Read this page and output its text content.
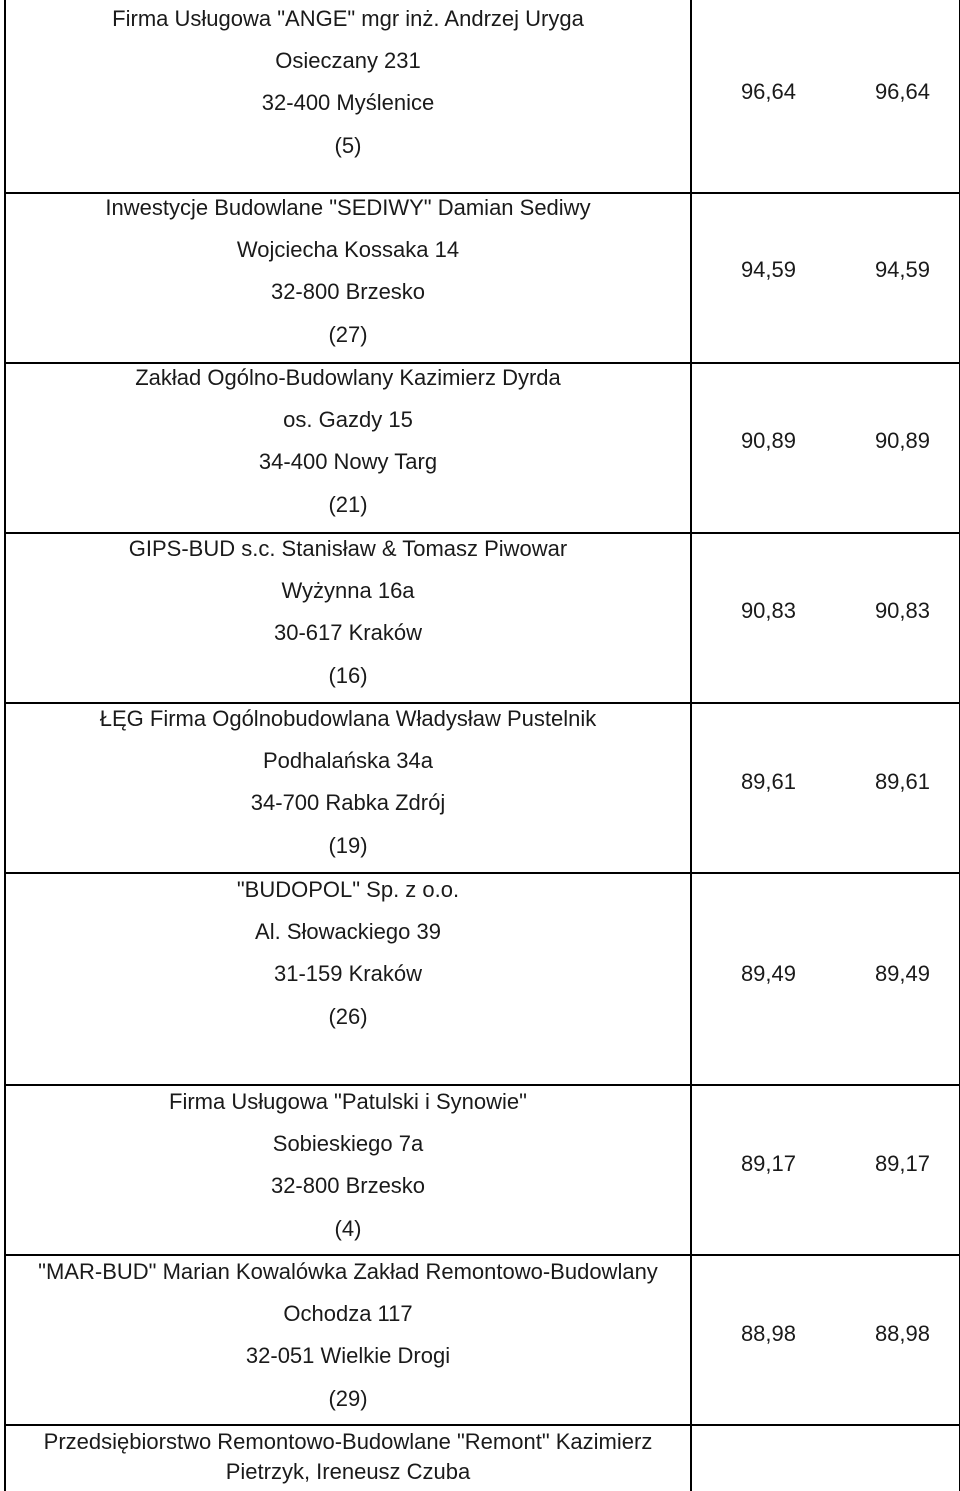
Firma Usługowa "ANGE" mgr inż. Andrzej Uryga
Osieczany 231
32-400 Myślenice
(5)
96,64	96,64
Inwestycje Budowlane "SEDIWY" Damian Sediwy
Wojciecha Kossaka 14
32-800 Brzesko
(27)
94,59	94,59
Zakład Ogólno-Budowlany Kazimierz Dyrda
os. Gazdy 15
34-400 Nowy Targ
(21)
90,89	90,89
GIPS-BUD s.c. Stanisław & Tomasz Piwowar
Wyżynna 16a
30-617 Kraków
(16)
90,83	90,83
ŁĘG Firma Ogólnobudowlana Władysław Pustelnik
Podhalańska 34a
34-700 Rabka Zdrój
(19)
89,61	89,61
"BUDOPOL" Sp. z o.o.
Al. Słowackiego 39
31-159 Kraków
(26)
89,49	89,49
Firma Usługowa "Patulski i Synowie"
Sobieskiego 7a
32-800 Brzesko
(4)
89,17	89,17
"MAR-BUD" Marian Kowalówka Zakład Remontowo-Budowlany
Ochodza 117
32-051 Wielkie Drogi
(29)
88,98	88,98
Przedsiębiorstwo Remontowo-Budowlane "Remont" Kazimierz
Pietrzyk, Ireneusz Czuba
